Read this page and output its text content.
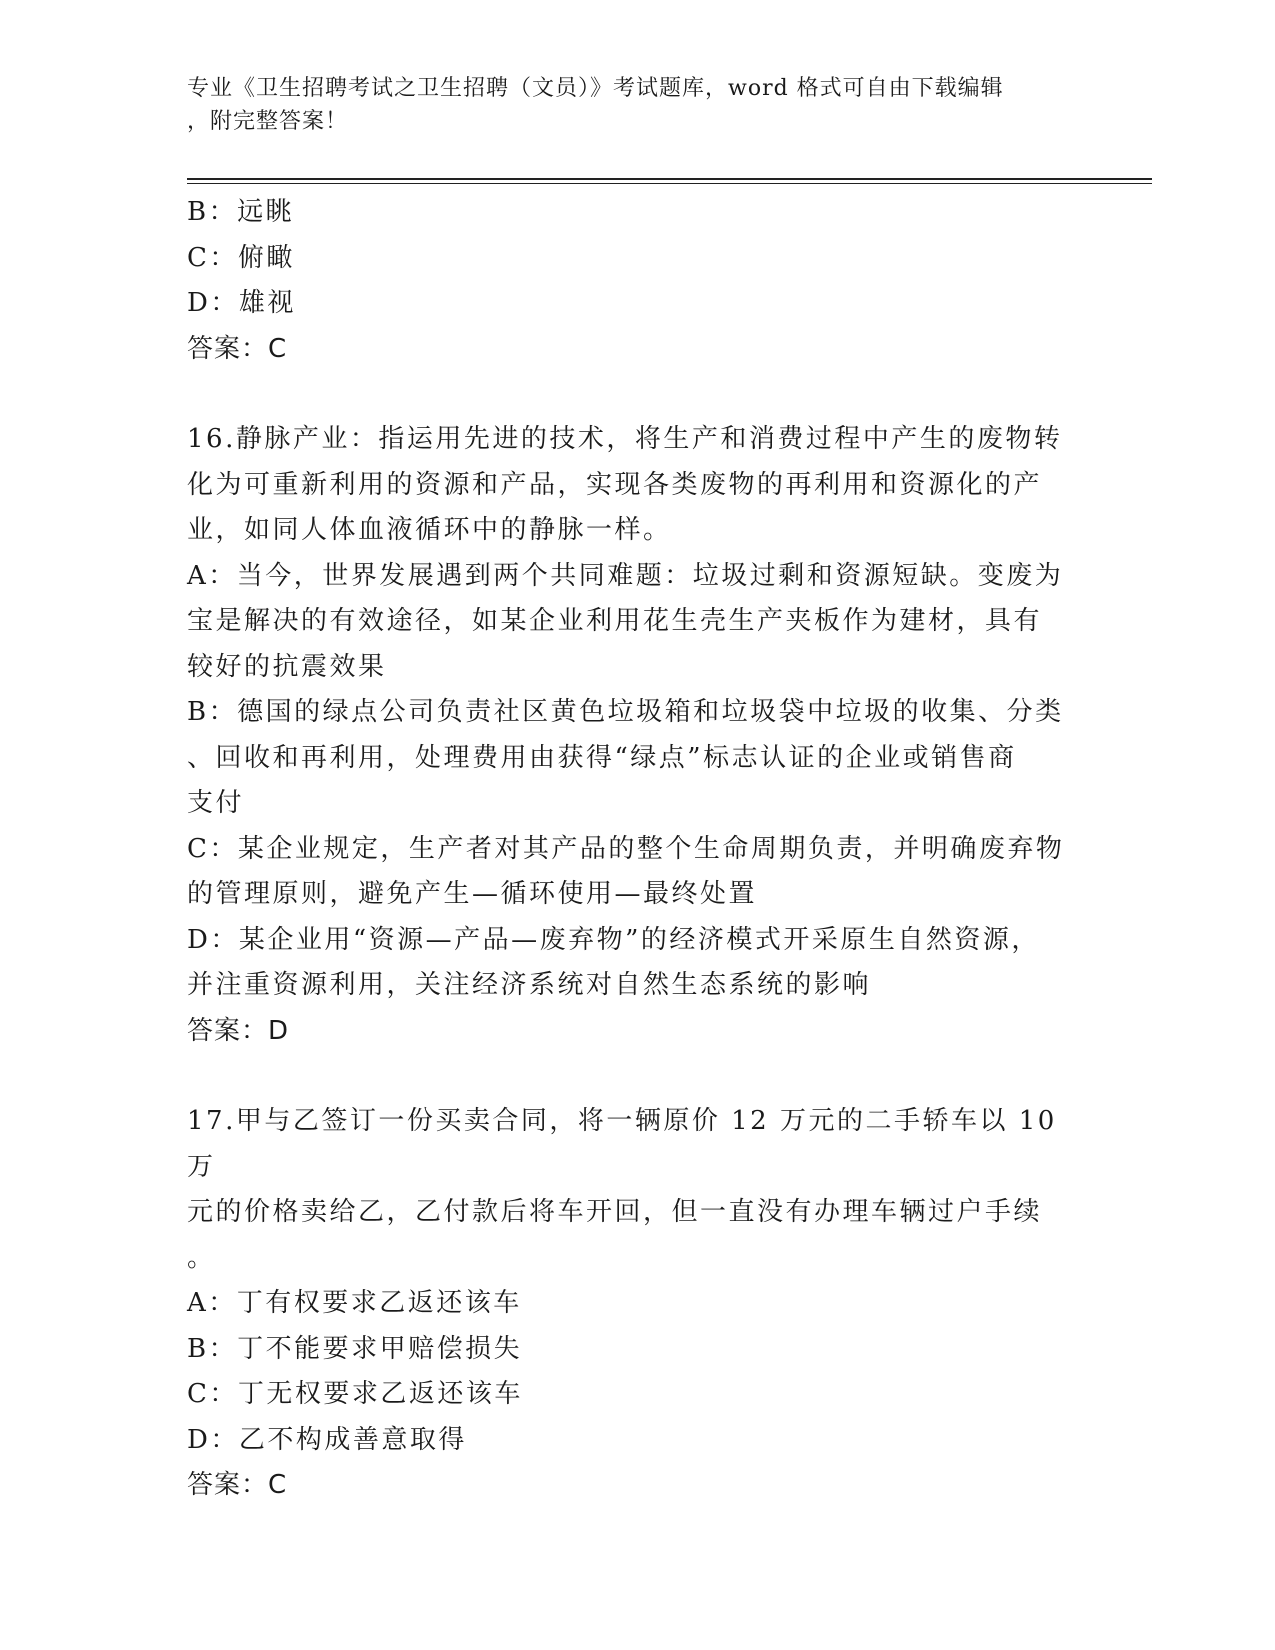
专业《卫生招聘考试之卫生招聘（文员）》考试题库，word 格式可自由下载编辑
，附完整答案！
B：远眺
C：俯瞰
D：雄视
答案：C
16.静脉产业：指运用先进的技术，将生产和消费过程中产生的废物转
化为可重新利用的资源和产品，实现各类废物的再利用和资源化的产
业，如同人体血液循环中的静脉一样。
A：当今，世界发展遇到两个共同难题：垃圾过剩和资源短缺。变废为
宝是解决的有效途径，如某企业利用花生壳生产夹板作为建材，具有
较好的抗震效果
B：德国的绿点公司负责社区黄色垃圾箱和垃圾袋中垃圾的收集、分类
、回收和再利用，处理费用由获得“绿点”标志认证的企业或销售商
支付
C：某企业规定，生产者对其产品的整个生命周期负责，并明确废弃物
的管理原则，避免产生—循环使用—最终处置
D：某企业用“资源—产品—废弃物”的经济模式开采原生自然资源，
并注重资源利用，关注经济系统对自然生态系统的影响
答案：D
17.甲与乙签订一份买卖合同，将一辆原价 12 万元的二手轿车以 10 万
元的价格卖给乙，乙付款后将车开回，但一直没有办理车辆过户手续
。
A：丁有权要求乙返还该车
B：丁不能要求甲赔偿损失
C：丁无权要求乙返还该车
D：乙不构成善意取得
答案：C
